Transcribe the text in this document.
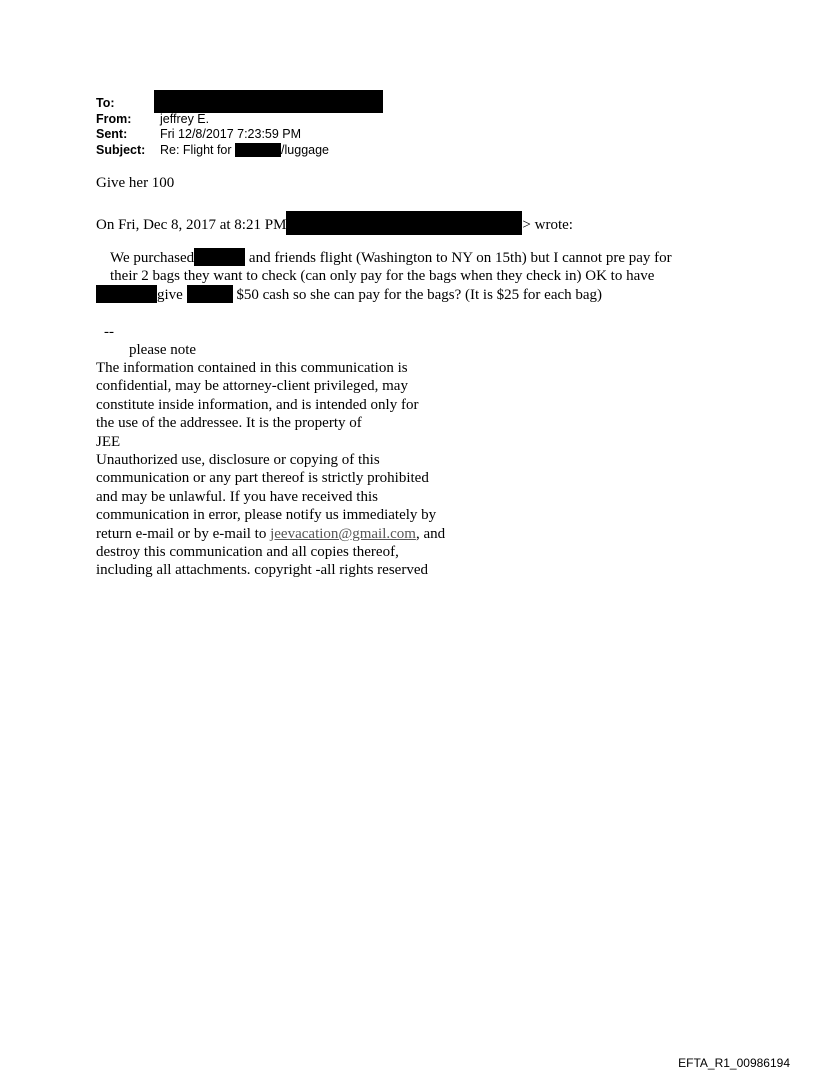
To:
From: jeffrey E.
Sent:	Fri 12/8/2017 7:23:59 PM
Subject: Re: Flight for	/luggage
Give her 100
On Fri, Dec 8, 2017 at 8:21 PM	> wrote:
We purchased	and friends flight (Washington to NY on 15th) but I cannot pre pay for
their 2 bags they want to check (can only pay for the bags when they check in) OK to have
give	$50 cash so she can pay for the bags? (It is $25 for each bag)
--
please note
The information contained in this communication is
confidential, may be attorney-client privileged, may
constitute inside information, and is intended only for
the use of the addressee. It is the property of
JEE
Unauthorized use, disclosure or copying of this
communication or any part thereof is strictly prohibited
and may be unlawful. If you have received this
communication in error, please notify us immediately by
return e-mail or by e-mail to jeevacation@gmail.com, and
destroy this communication and all copies thereof,
including all attachments. copyright -all rights reserved
EFTA_R1_00986194
